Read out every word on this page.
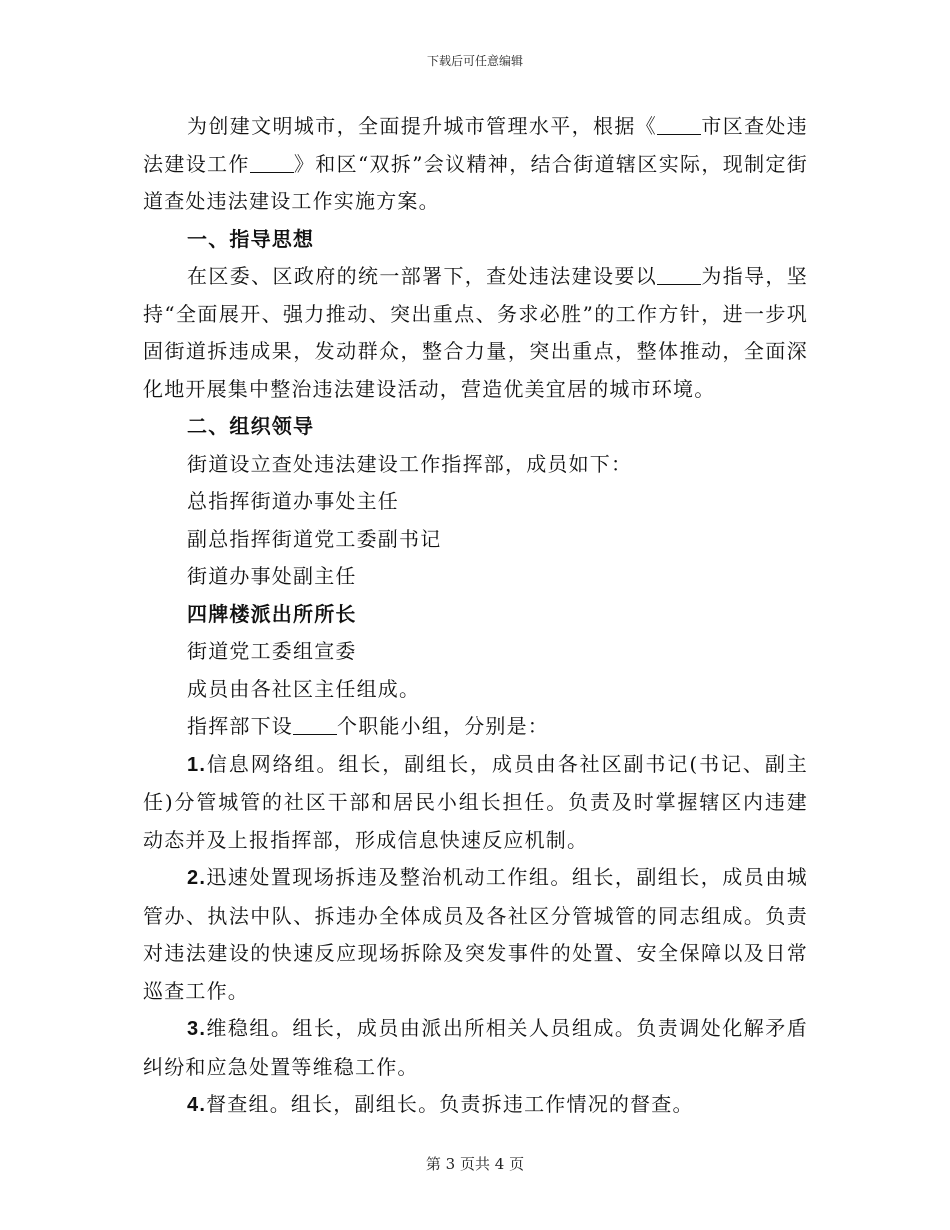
下载后可任意编辑

为创建文明城市，全面提升城市管理水平，根据《 市区查处违法建设工作 》和区“双拆”会议精神，结合街道辖区实际，现制定街道查处违法建设工作实施方案。

一、指导思想

在区委、区政府的统一部署下，查处违法建设要以 为指导，坚持“全面展开、强力推动、突出重点、务求必胜”的工作方针，进一步巩固街道拆违成果，发动群众，整合力量，突出重点，整体推动，全面深化地开展集中整治违法建设活动，营造优美宜居的城市环境。

二、组织领导

街道设立查处违法建设工作指挥部，成员如下：

总指挥街道办事处主任

副总指挥街道党工委副书记

街道办事处副主任

四牌楼派出所所长

街道党工委组宣委

成员由各社区主任组成。

指挥部下设 个职能小组，分别是：

1.信息网络组。组长，副组长，成员由各社区副书记(书记、副主任)分管城管的社区干部和居民小组长担任。负责及时掌握辖区内违建动态并及上报指挥部，形成信息快速反应机制。

2.迅速处置现场拆违及整治机动工作组。组长，副组长，成员由城管办、执法中队、拆违办全体成员及各社区分管城管的同志组成。负责对违法建设的快速反应现场拆除及突发事件的处置、安全保障以及日常巡查工作。

3.维稳组。组长，成员由派出所相关人员组成。负责调处化解矛盾纠纷和应急处置等维稳工作。

4.督查组。组长，副组长。负责拆违工作情况的督查。

第 3 页共 4 页
